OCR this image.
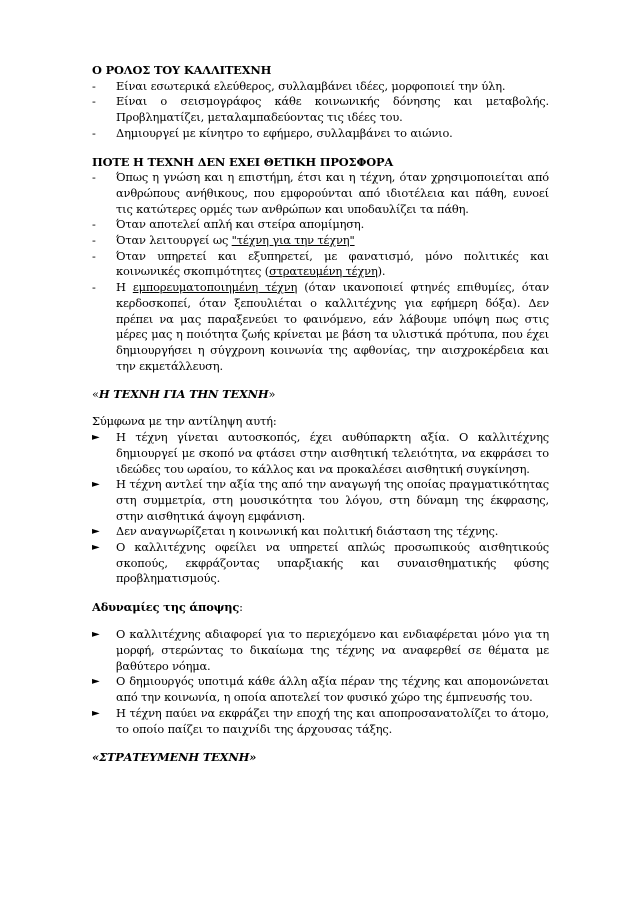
Ο ΡΟΛΟΣ ΤΟΥ ΚΑΛΛΙΤΕΧΝΗ

- Είναι εσωτερικά ελεύθερος, συλλαμβάνει ιδέες, μορφοποιεί την ύλη.
- Είναι ο σεισμογράφος κάθε κοινωνικής δόνησης και μεταβολής. Προβληματίζει, μεταλαμπαδεύοντας τις ιδέες του.
- Δημιουργεί με κίνητρο το εφήμερο, συλλαμβάνει το αιώνιο.

ΠΟΤΕ Η ΤΕΧΝΗ ΔΕΝ ΕΧΕΙ ΘΕΤΙΚΗ ΠΡΟΣΦΟΡΑ

- Όπως η γνώση και η επιστήμη, έτσι και η τέχνη, όταν χρησιμοποιείται από ανθρώπους ανήθικους, που εμφορούνται από ιδιοτέλεια και πάθη, ευνοεί τις κατώτερες ορμές των ανθρώπων και υποδαυλίζει τα πάθη.
- Όταν αποτελεί απλή και στείρα απομίμηση.
- Όταν λειτουργεί ως "τέχνη για την τέχνη"
- Όταν υπηρετεί και εξυπηρετεί, με φανατισμό, μόνο πολιτικές και κοινωνικές σκοπιμότητες (στρατευμένη τέχνη).
- Η εμπορευματοποιημένη τέχνη (όταν ικανοποιεί φτηνές επιθυμίες, όταν κερδοσκοπεί, όταν ξεπουλιέται ο καλλιτέχνης για εφήμερη δόξα). Δεν πρέπει να μας παραξενεύει το φαινόμενο, εάν λάβουμε υπόψη πως στις μέρες μας η ποιότητα ζωής κρίνεται με βάση τα υλιστικά πρότυπα, που έχει δημιουργήσει η σύγχρονη κοινωνία της αφθονίας, την αισχροκέρδεια και την εκμετάλλευση.

«Η ΤΕΧΝΗ ΓΙΑ ΤΗΝ ΤΕΧΝΗ»

Σύμφωνα με την αντίληψη αυτή:

► Η τέχνη γίνεται αυτοσκοπός, έχει αυθύπαρκτη αξία. Ο καλλιτέχνης δημιουργεί με σκοπό να φτάσει στην αισθητική τελειότητα, να εκφράσει το ιδεώδες του ωραίου, το κάλλος και να προκαλέσει αισθητική συγκίνηση.
► Η τέχνη αντλεί την αξία της από την αναγωγή της οποίας πραγματικότητας στη συμμετρία, στη μουσικότητα του λόγου, στη δύναμη της έκφρασης, στην αισθητικά άψογη εμφάνιση.
► Δεν αναγνωρίζεται η κοινωνική και πολιτική διάσταση της τέχνης.
► Ο καλλιτέχνης οφείλει να υπηρετεί απλώς προσωπικούς αισθητικούς σκοπούς, εκφράζοντας υπαρξιακής και συναισθηματικής φύσης προβληματισμούς.

Αδυναμίες της άποψης:

► Ο καλλιτέχνης αδιαφορεί για το περιεχόμενο και ενδιαφέρεται μόνο για τη μορφή, στερώντας το δικαίωμα της τέχνης να αναφερθεί σε θέματα με βαθύτερο νόημα.
► Ο δημιουργός υποτιμά κάθε άλλη αξία πέραν της τέχνης και απομονώνεται από την κοινωνία, η οποία αποτελεί τον φυσικό χώρο της έμπνευσής του.
► Η τέχνη παύει να εκφράζει την εποχή της και αποπροσανατολίζει το άτομο, το οποίο παίζει το παιχνίδι της άρχουσας τάξης.

«ΣΤΡΑΤΕΥΜΕΝΗ ΤΕΧΝΗ»
